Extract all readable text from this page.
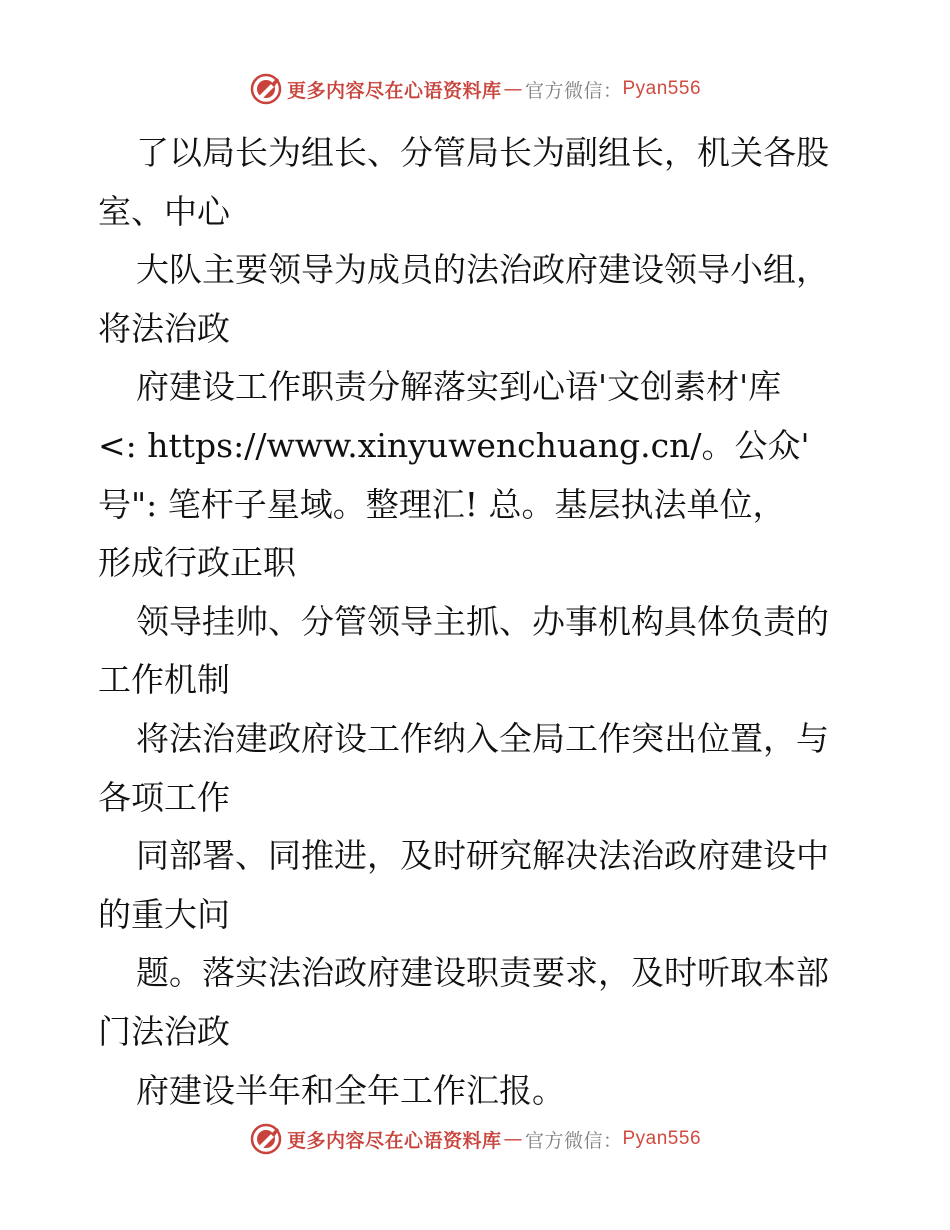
更多内容尽在心语资料库 — 官方微信： Pyan556
了以局长为组长、分管局长为副组长，机关各股
室、中心
大队主要领导为成员的法治政府建设领导小组，
将法治政
府建设工作职责分解落实到心语'文创素材'库
<: https://www.xinyuwenchuang.cn/。公众'
号": 笔杆子星域。整理汇! 总。基层执法单位，
形成行政正职
领导挂帅、分管领导主抓、办事机构具体负责的
工作机制
将法治建政府设工作纳入全局工作突出位置，与
各项工作
同部署、同推进，及时研究解决法治政府建设中
的重大问
题。落实法治政府建设职责要求，及时听取本部
门法治政
府建设半年和全年工作汇报。
更多内容尽在心语资料库 — 官方微信： Pyan556
